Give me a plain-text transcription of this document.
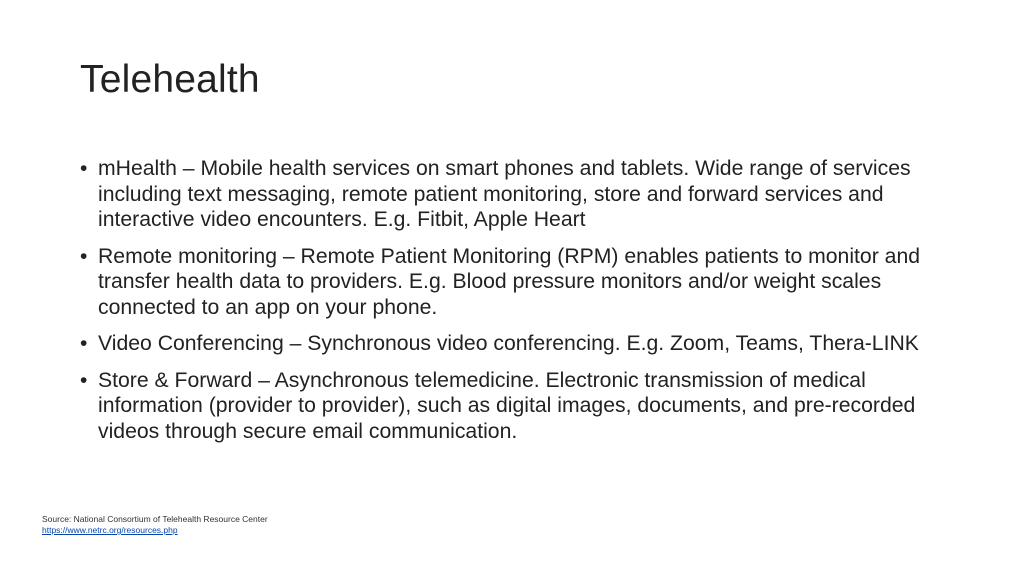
Telehealth
• mHealth – Mobile health services on smart phones and tablets. Wide range of services including text messaging, remote patient monitoring, store and forward services and interactive video encounters. E.g. Fitbit, Apple Heart
• Remote monitoring – Remote Patient Monitoring (RPM) enables patients to monitor and transfer health data to providers. E.g. Blood pressure monitors and/or weight scales connected to an app on your phone.
• Video Conferencing – Synchronous video conferencing. E.g. Zoom, Teams, Thera-LINK
• Store & Forward – Asynchronous telemedicine. Electronic transmission of medical information (provider to provider), such as digital images, documents, and pre-recorded videos through secure email communication.
Source: National Consortium of Telehealth Resource Center
https://www.netrc.org/resources.php
